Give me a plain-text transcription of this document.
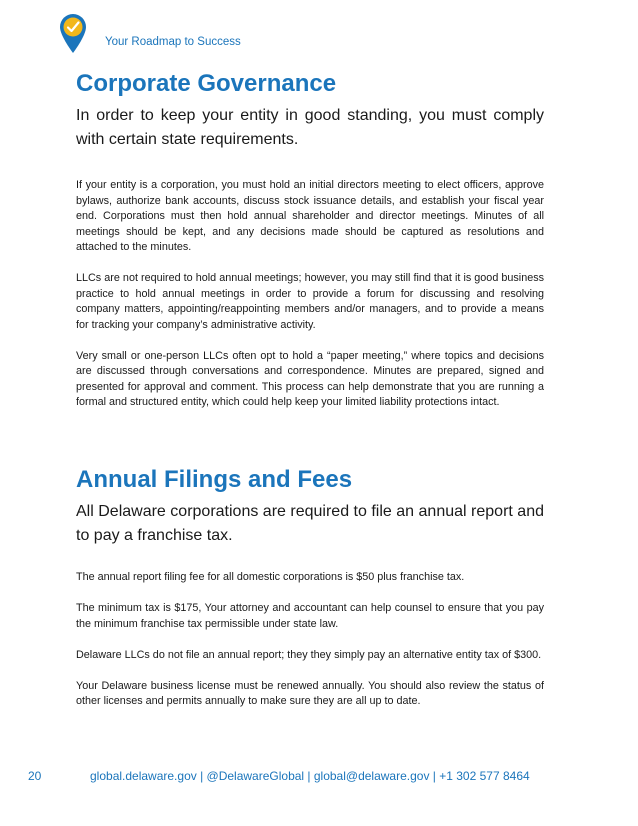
Your Roadmap to Success
Corporate Governance

In order to keep your entity in good standing, you must comply with certain state requirements.

If your entity is a corporation, you must hold an initial directors meeting to elect officers, approve bylaws, authorize bank accounts, discuss stock issuance details, and establish your fiscal year end. Corporations must then hold annual shareholder and director meetings. Minutes of all meetings should be kept, and any decisions made should be captured as resolutions and attached to the minutes.

LLCs are not required to hold annual meetings; however, you may still find that it is good business practice to hold annual meetings in order to provide a forum for discussing and resolving company matters, appointing/reappointing members and/or managers, and to provide a means for tracking your company’s administrative activity.

Very small or one-person LLCs often opt to hold a “paper meeting,” where topics and decisions are discussed through conversations and correspondence. Minutes are prepared, signed and presented for approval and comment. This process can help demonstrate that you are running a formal and structured entity, which could help keep your limited liability protections intact.

Annual Filings and Fees

All Delaware corporations are required to file an annual report and to pay a franchise tax.

The annual report filing fee for all domestic corporations is $50 plus franchise tax.

The minimum tax is $175, Your attorney and accountant can help counsel to ensure that you pay the minimum franchise tax permissible under state law.

Delaware LLCs do not file an annual report; they they simply pay an alternative entity tax of $300.

Your Delaware business license must be renewed annually. You should also review the status of other licenses and permits annually to make sure they are all up to date.

20	global.delaware.gov | @DelawareGlobal | global@delaware.gov | +1 302 577 8464
